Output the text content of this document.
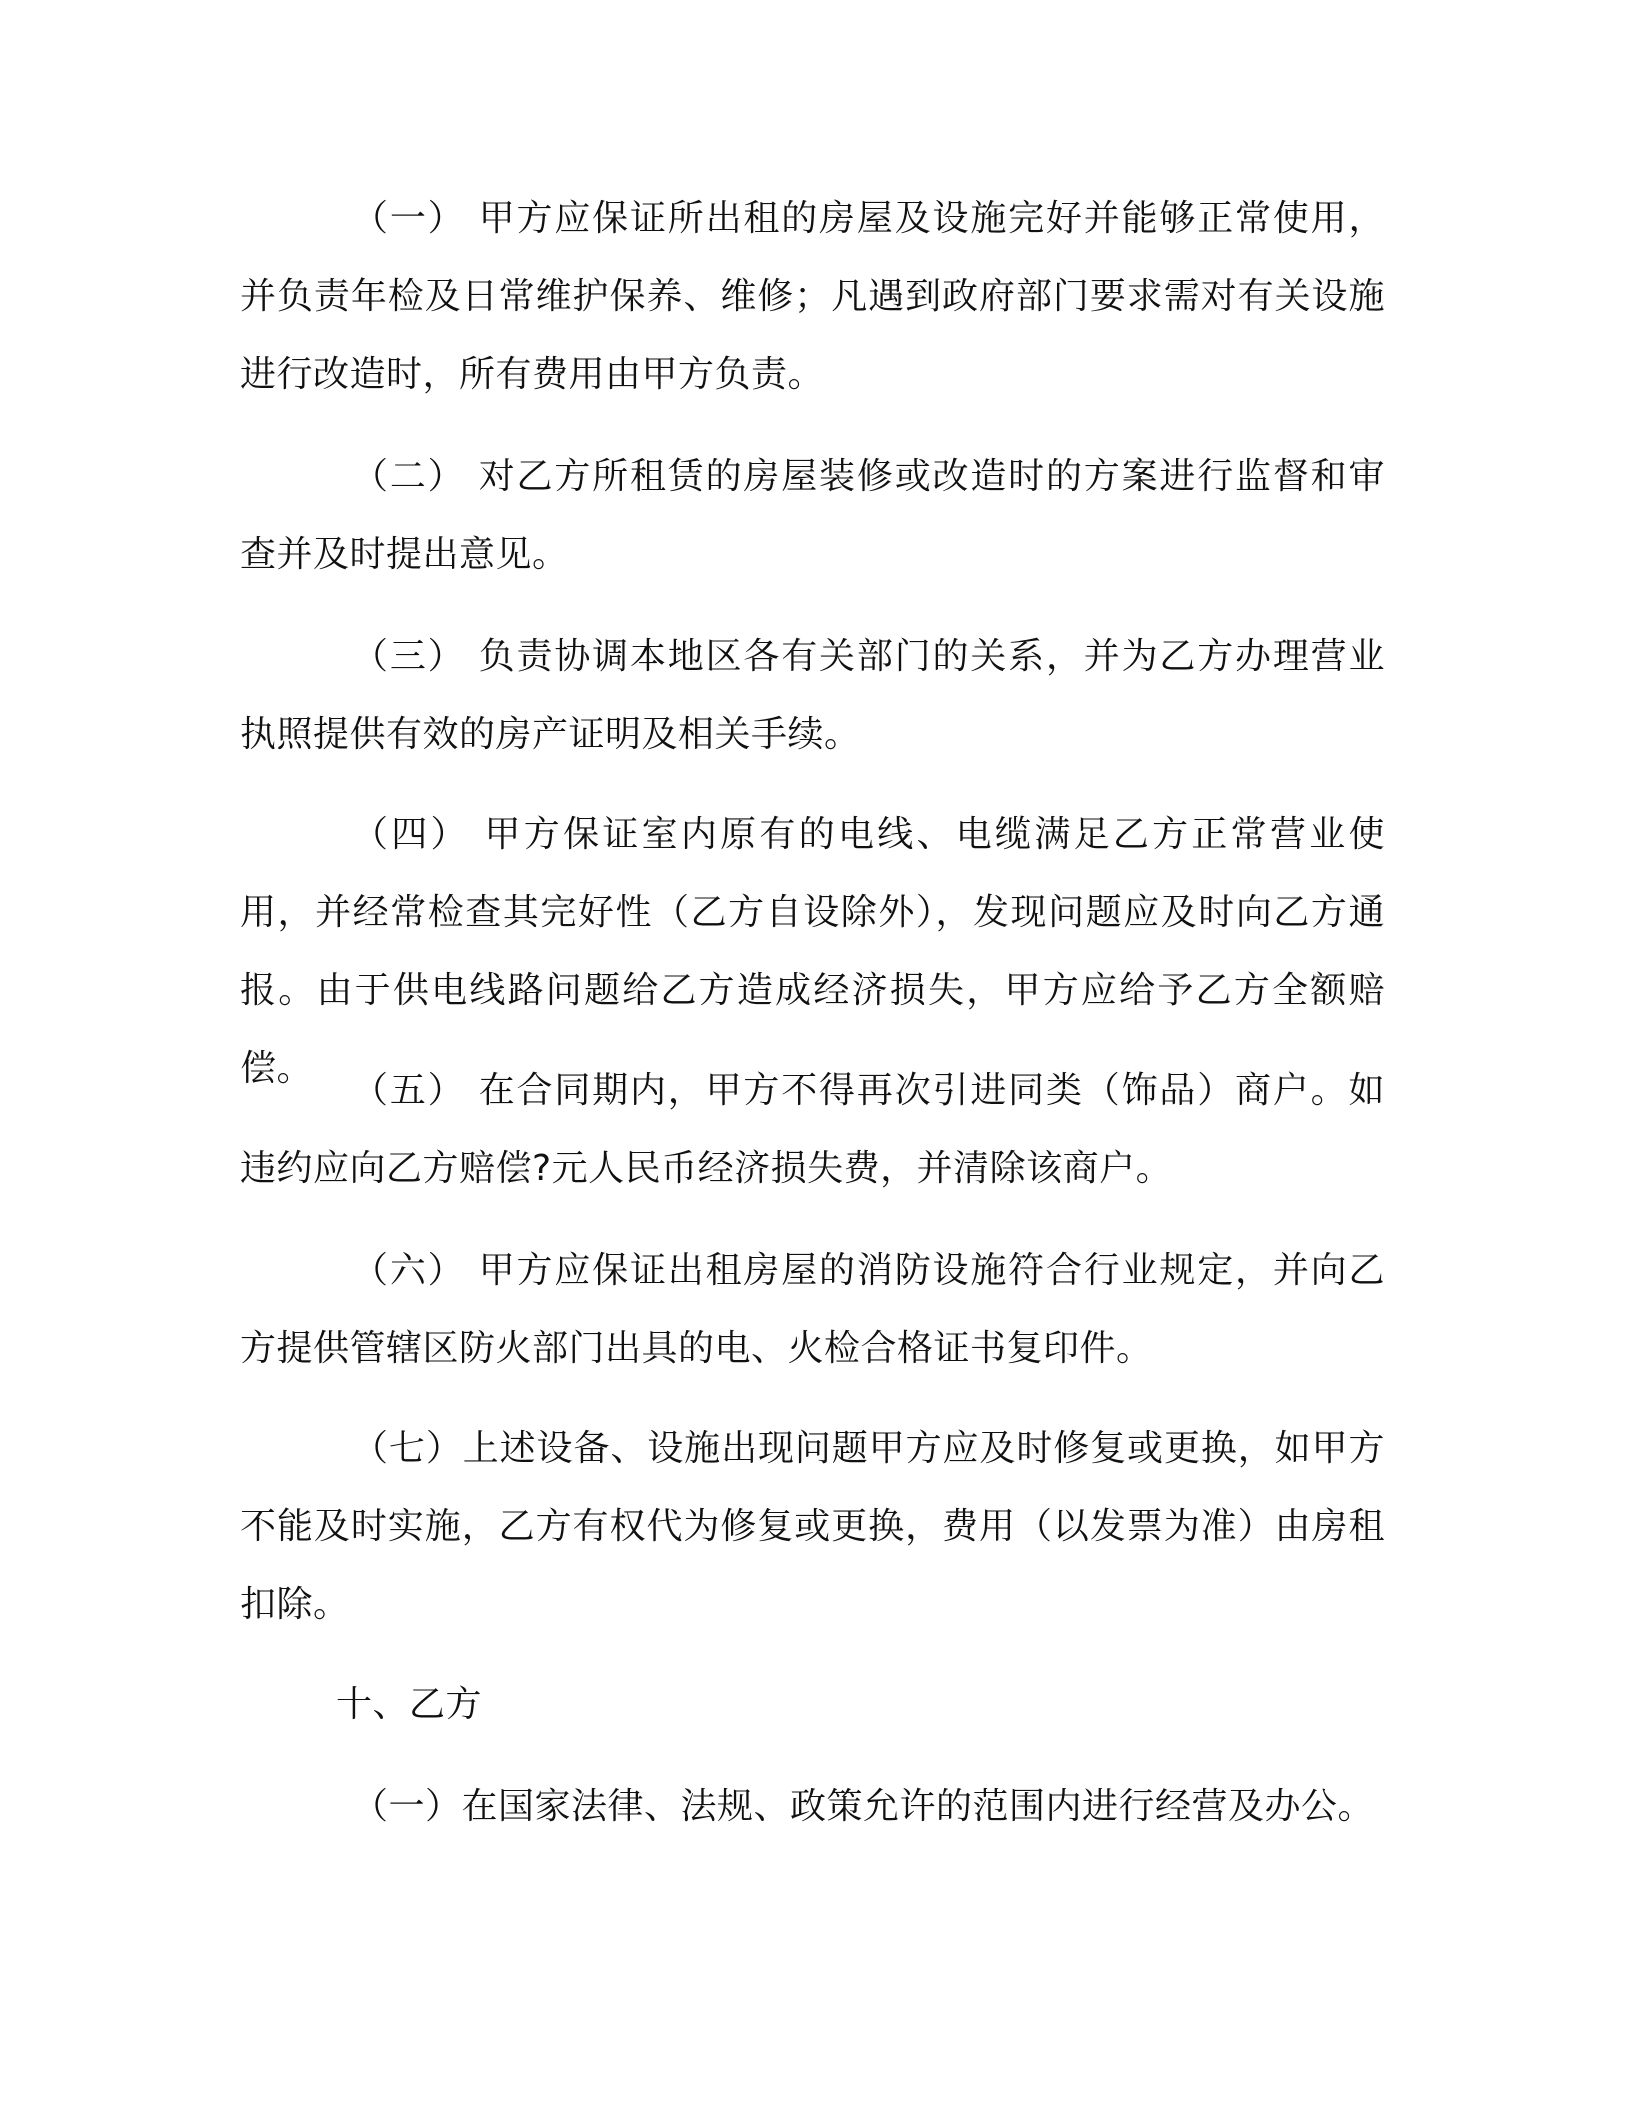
（一） 甲方应保证所出租的房屋及设施完好并能够正常使用，并负责年检及日常维护保养、维修；凡遇到政府部门要求需对有关设施进行改造时，所有费用由甲方负责。

（二） 对乙方所租赁的房屋装修或改造时的方案进行监督和审查并及时提出意见。

（三） 负责协调本地区各有关部门的关系，并为乙方办理营业执照提供有效的房产证明及相关手续。

（四） 甲方保证室内原有的电线、电缆满足乙方正常营业使用，并经常检查其完好性（乙方自设除外），发现问题应及时向乙方通报。由于供电线路问题给乙方造成经济损失，甲方应给予乙方全额赔偿。

（五） 在合同期内，甲方不得再次引进同类（饰品）商户。如违约应向乙方赔偿?元人民币经济损失费，并清除该商户。

（六） 甲方应保证出租房屋的消防设施符合行业规定，并向乙方提供管辖区防火部门出具的电、火检合格证书复印件。

（七）上述设备、设施出现问题甲方应及时修复或更换，如甲方不能及时实施，乙方有权代为修复或更换，费用（以发票为准）由房租扣除。

十、乙方

（一）在国家法律、法规、政策允许的范围内进行经营及办公。
